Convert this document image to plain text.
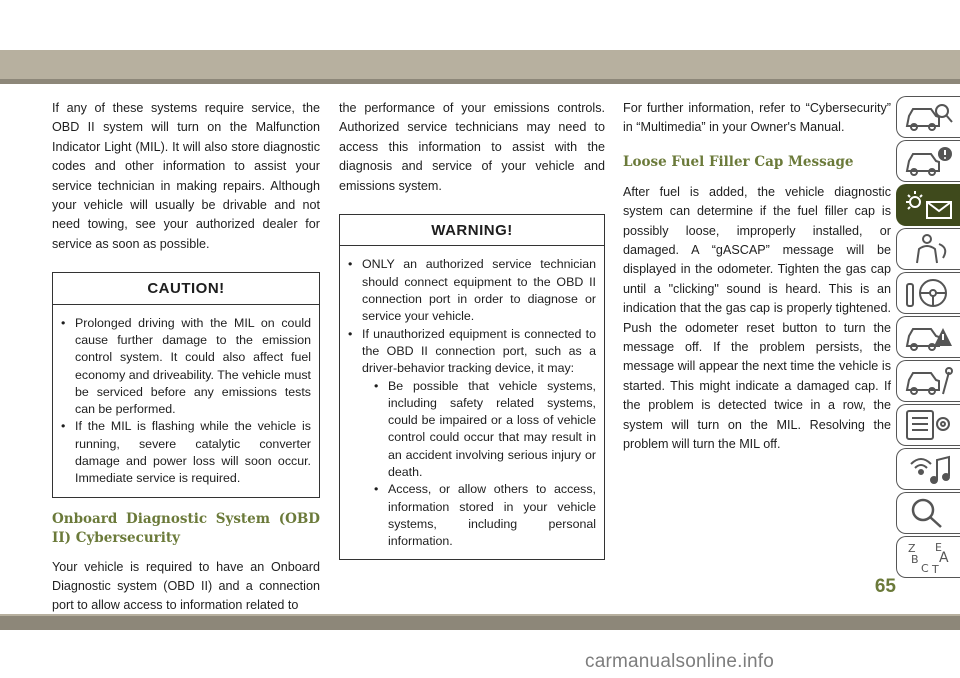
If any of these systems require service, the OBD II system will turn on the Malfunction Indicator Light (MIL). It will also store diagnostic codes and other information to assist your service technician in making repairs. Although your vehicle will usually be drivable and not need towing, see your authorized dealer for service as soon as possible.

CAUTION!
• Prolonged driving with the MIL on could cause further damage to the emission control system. It could also affect fuel economy and driveability. The vehicle must be serviced before any emissions tests can be performed.
• If the MIL is flashing while the vehicle is running, severe catalytic converter damage and power loss will soon occur. Immediate service is required.
Onboard Diagnostic System (OBD II) Cybersecurity

Your vehicle is required to have an Onboard Diagnostic system (OBD II) and a connection port to allow access to information related to

the performance of your emissions controls. Authorized service technicians may need to access this information to assist with the diagnosis and service of your vehicle and emissions system.

WARNING!
• ONLY an authorized service technician should connect equipment to the OBD II connection port in order to diagnose or service your vehicle.
• If unauthorized equipment is connected to the OBD II connection port, such as a driver-behavior tracking device, it may:
• Be possible that vehicle systems, including safety related systems, could be impaired or a loss of vehicle control could occur that may result in an accident involving serious injury or death.
• Access, or allow others to access, information stored in your vehicle systems, including personal information.

For further information, refer to “Cybersecurity” in “Multimedia” in your Owner's Manual.

Loose Fuel Filler Cap Message

After fuel is added, the vehicle diagnostic system can determine if the fuel filler cap is possibly loose, improperly installed, or damaged. A “gASCAP” message will be displayed in the odometer. Tighten the gas cap until a "clicking" sound is heard. This is an indication that the gas cap is properly tightened. Push the odometer reset button to turn the message off. If the problem persists, the message will appear the next time the vehicle is started. This might indicate a damaged cap. If the problem is detected twice in a row, the system will turn on the MIL. Resolving the problem will turn the MIL off.

Z E
B A
C T
65
carmanualsonline.info
